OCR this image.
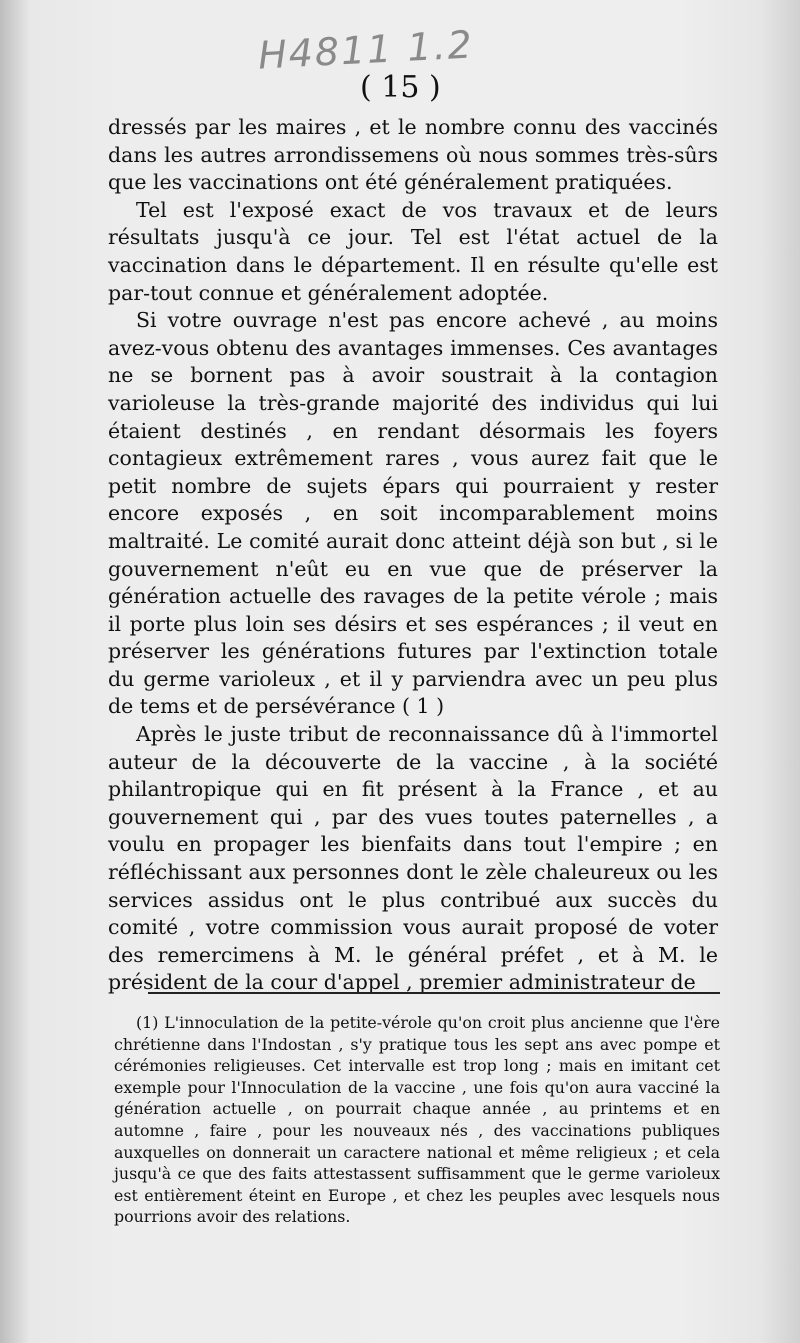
H4811 1.2
( 15 )

dressés par les maires , et le nombre connu des vaccinés dans les autres arrondissemens où nous sommes très-sûrs que les vaccinations ont été généralement pratiquées.

Tel est l'exposé exact de vos travaux et de leurs résultats jusqu'à ce jour. Tel est l'état actuel de la vaccination dans le département. Il en résulte qu'elle est par-tout connue et généralement adoptée.

Si votre ouvrage n'est pas encore achevé , au moins avez-vous obtenu des avantages immenses. Ces avantages ne se bornent pas à avoir soustrait à la contagion varioleuse la très-grande majorité des individus qui lui étaient destinés , en rendant désormais les foyers contagieux extrêmement rares , vous aurez fait que le petit nombre de sujets épars qui pourraient y rester encore exposés , en soit incomparablement moins maltraité. Le comité aurait donc atteint déjà son but , si le gouvernement n'eût eu en vue que de préserver la génération actuelle des ravages de la petite vérole ; mais il porte plus loin ses désirs et ses espérances ; il veut en préserver les générations futures par l'extinction totale du germe varioleux , et il y parviendra avec un peu plus de tems et de persévérance ( 1 )

Après le juste tribut de reconnaissance dû à l'immortel auteur de la découverte de la vaccine , à la société philantropique qui en fit présent à la France , et au gouvernement qui , par des vues toutes paternelles , a voulu en propager les bienfaits dans tout l'empire ; en réfléchissant aux personnes dont le zèle chaleureux ou les services assidus ont le plus contribué aux succès du comité , votre commission vous aurait proposé de voter des remercimens à M. le général préfet , et à M. le président de la cour d'appel , premier administrateur de

(1) L'innoculation de la petite-vérole qu'on croit plus ancienne que l'ère chrétienne dans l'Indostan , s'y pratique tous les sept ans avec pompe et cérémonies religieuses. Cet intervalle est trop long ; mais en imitant cet exemple pour l'Innoculation de la vaccine , une fois qu'on aura vacciné la génération actuelle , on pourrait chaque année , au printems et en automne , faire , pour les nouveaux nés , des vaccinations publiques auxquelles on donnerait un caractere national et même religieux ; et cela jusqu'à ce que des faits attestassent suffisamment que le germe varioleux est entièrement éteint en Europe , et chez les peuples avec lesquels nous pourrions avoir des relations.
